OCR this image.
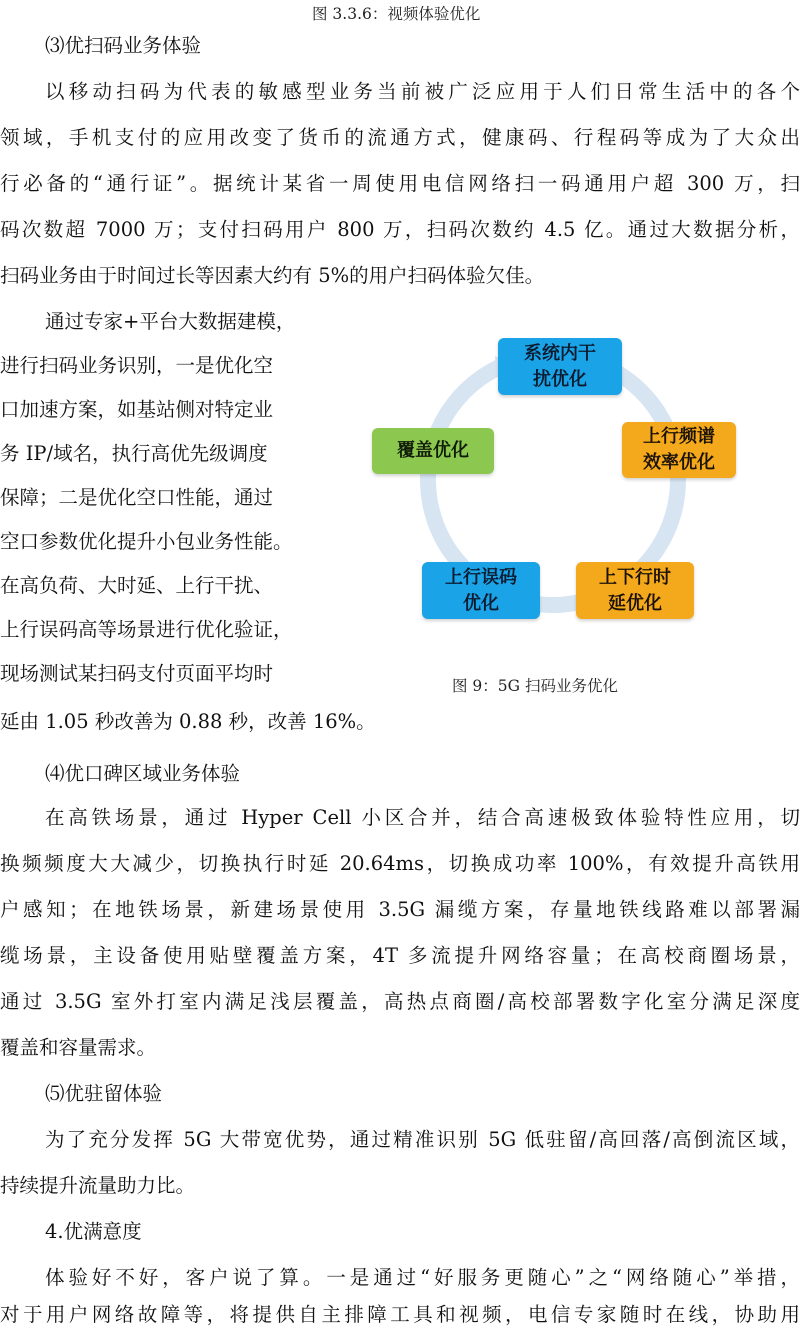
图 3.3.6：视频体验优化
⑶优扫码业务体验
以移动扫码为代表的敏感型业务当前被广泛应用于人们日常生活中的各个
领域，手机支付的应用改变了货币的流通方式，健康码、行程码等成为了大众出
行必备的“通行证”。据统计某省一周使用电信网络扫一码通用户超 300 万，扫
码次数超 7000 万；支付扫码用户 800 万，扫码次数约 4.5 亿。通过大数据分析，
扫码业务由于时间过长等因素大约有 5%的用户扫码体验欠佳。
通过专家+平台大数据建模，
进行扫码业务识别，一是优化空
口加速方案，如基站侧对特定业
务 IP/域名，执行高优先级调度
保障；二是优化空口性能，通过
空口参数优化提升小包业务性能。
在高负荷、大时延、上行干扰、
上行误码高等场景进行优化验证，
现场测试某扫码支付页面平均时
延由 1.05 秒改善为 0.88 秒，改善 16%。
系统内干
扰优化
上行频谱
效率优化
上下行时
延优化
上行误码
优化
覆盖优化
图 9：5G 扫码业务优化
⑷优口碑区域业务体验
在高铁场景，通过 Hyper Cell 小区合并，结合高速极致体验特性应用，切
换频频度大大减少，切换执行时延 20.64ms，切换成功率 100%，有效提升高铁用
户感知；在地铁场景，新建场景使用 3.5G 漏缆方案，存量地铁线路难以部署漏
缆场景，主设备使用贴壁覆盖方案，4T 多流提升网络容量；在高校商圈场景，
通过 3.5G 室外打室内满足浅层覆盖，高热点商圈/高校部署数字化室分满足深度
覆盖和容量需求。
⑸优驻留体验
为了充分发挥 5G 大带宽优势，通过精准识别 5G 低驻留/高回落/高倒流区域，
持续提升流量助力比。
4.优满意度
体验好不好，客户说了算。一是通过“好服务更随心”之“网络随心”举措，
对于用户网络故障等，将提供自主排障工具和视频，电信专家随时在线，协助用
